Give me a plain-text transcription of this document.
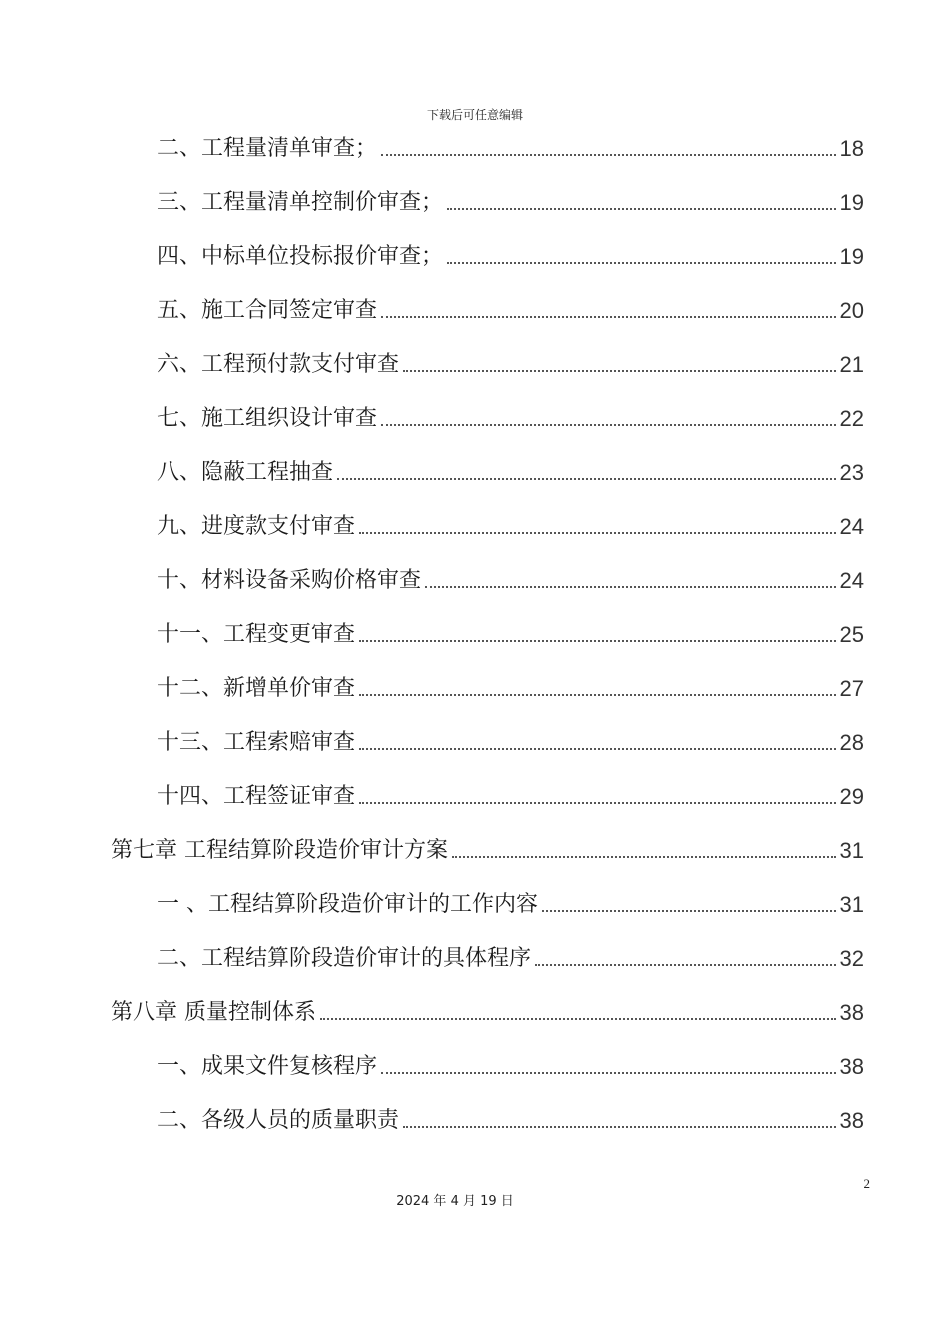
下载后可任意编辑
二、工程量清单审查；	18
三、工程量清单控制价审查；	19
四、中标单位投标报价审查；	19
五、施工合同签定审查	20
六、工程预付款支付审查	21
七、施工组织设计审查	22
八、隐蔽工程抽查	23
九、进度款支付审查	24
十、材料设备采购价格审查	24
十一、工程变更审查	25
十二、新增单价审查	27
十三、工程索赔审查	28
十四、工程签证审查	29
第七章 工程结算阶段造价审计方案	31
一 、工程结算阶段造价审计的工作内容	31
二、工程结算阶段造价审计的具体程序	32
第八章 质量控制体系	38
一、成果文件复核程序	38
二、各级人员的质量职责	38
2
2024 年 4 月 19 日
